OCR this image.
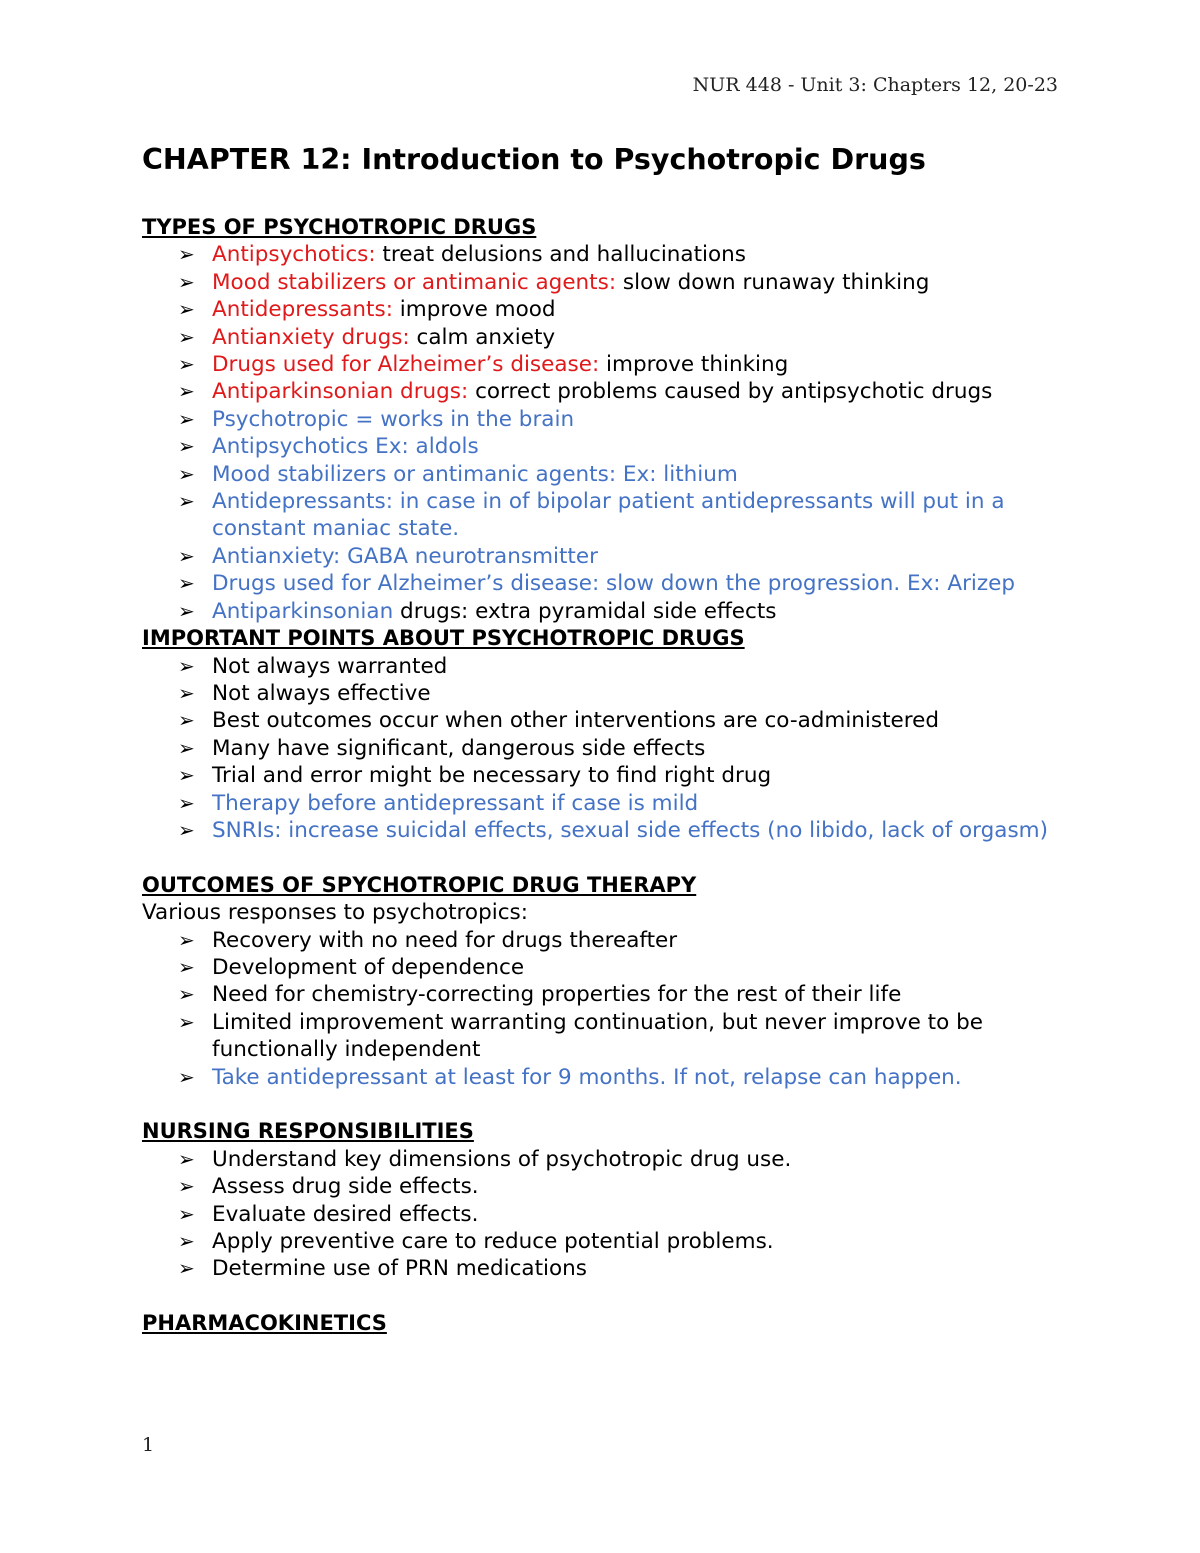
NUR 448 - Unit 3: Chapters 12, 20-23
CHAPTER 12: Introduction to Psychotropic Drugs
TYPES OF PSYCHOTROPIC DRUGS
➢ Antipsychotics: treat delusions and hallucinations
➢ Mood stabilizers or antimanic agents: slow down runaway thinking
➢ Antidepressants: improve mood
➢ Antianxiety drugs: calm anxiety
➢ Drugs used for Alzheimer’s disease: improve thinking
➢ Antiparkinsonian drugs: correct problems caused by antipsychotic drugs
➢ Psychotropic = works in the brain
➢ Antipsychotics Ex: aldols
➢ Mood stabilizers or antimanic agents: Ex: lithium
➢ Antidepressants: in case in of bipolar patient antidepressants will put in a constant maniac state.
➢ Antianxiety: GABA neurotransmitter
➢ Drugs used for Alzheimer’s disease: slow down the progression. Ex: Arizep
➢ Antiparkinsonian drugs: extra pyramidal side effects
IMPORTANT POINTS ABOUT PSYCHOTROPIC DRUGS
➢ Not always warranted
➢ Not always effective
➢ Best outcomes occur when other interventions are co-administered
➢ Many have significant, dangerous side effects
➢ Trial and error might be necessary to find right drug
➢ Therapy before antidepressant if case is mild
➢ SNRIs: increase suicidal effects, sexual side effects (no libido, lack of orgasm)
OUTCOMES OF SPYCHOTROPIC DRUG THERAPY

Various responses to psychotropics:

➢ Recovery with no need for drugs thereafter
➢ Development of dependence
➢ Need for chemistry-correcting properties for the rest of their life
➢ Limited improvement warranting continuation, but never improve to be functionally independent
➢ Take antidepressant at least for 9 months. If not, relapse can happen.
NURSING RESPONSIBILITIES
➢ Understand key dimensions of psychotropic drug use.
➢ Assess drug side effects.
➢ Evaluate desired effects.
➢ Apply preventive care to reduce potential problems.
➢ Determine use of PRN medications
PHARMACOKINETICS
1
